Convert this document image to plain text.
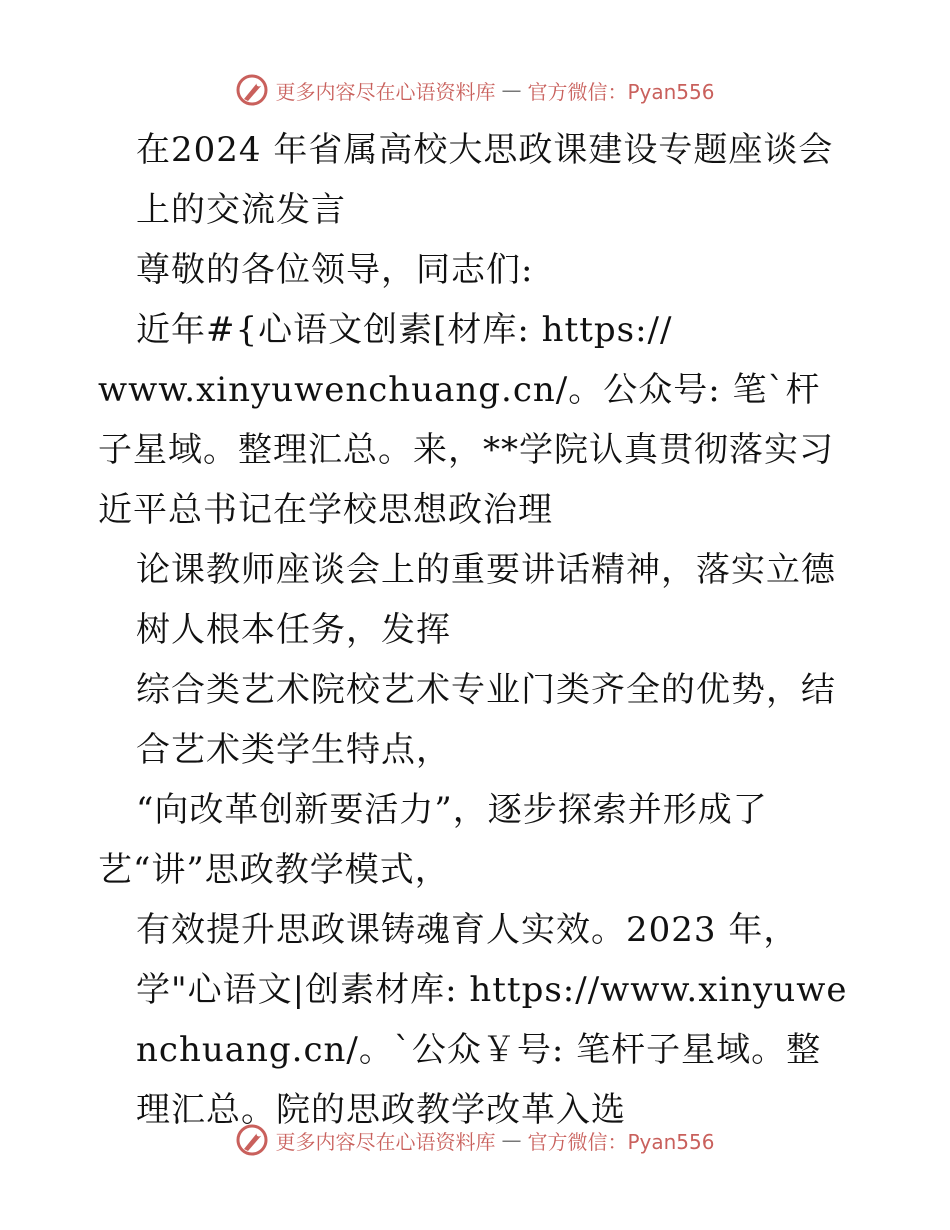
更多内容尽在心语资料库 — 官方微信：Pyan556

在2024 年省属高校大思政课建设专题座谈会上的交流发言

尊敬的各位领导，同志们:

近年#{心语文创素[材库: https://

www.xinyuwenchuang.cn/。公众号: 笔`杆子星域。整理汇总。来，**学院认真贯彻落实习近平总书记在学校思想政治理

论课教师座谈会上的重要讲话精神，落实立德树人根本任务，发挥

综合类艺术院校艺术专业门类齐全的优势，结合艺术类学生特点，

“向改革创新要活力”，逐步探索并形成了

艺“讲”思政教学模式，

有效提升思政课铸魂育人实效。2023 年，学"心语文|创素材库: https://www.xinyuwenchuang.cn/。`公众￥号: 笔杆子星域。整理汇总。院的思政教学改革入选

更多内容尽在心语资料库 — 官方微信：Pyan556
